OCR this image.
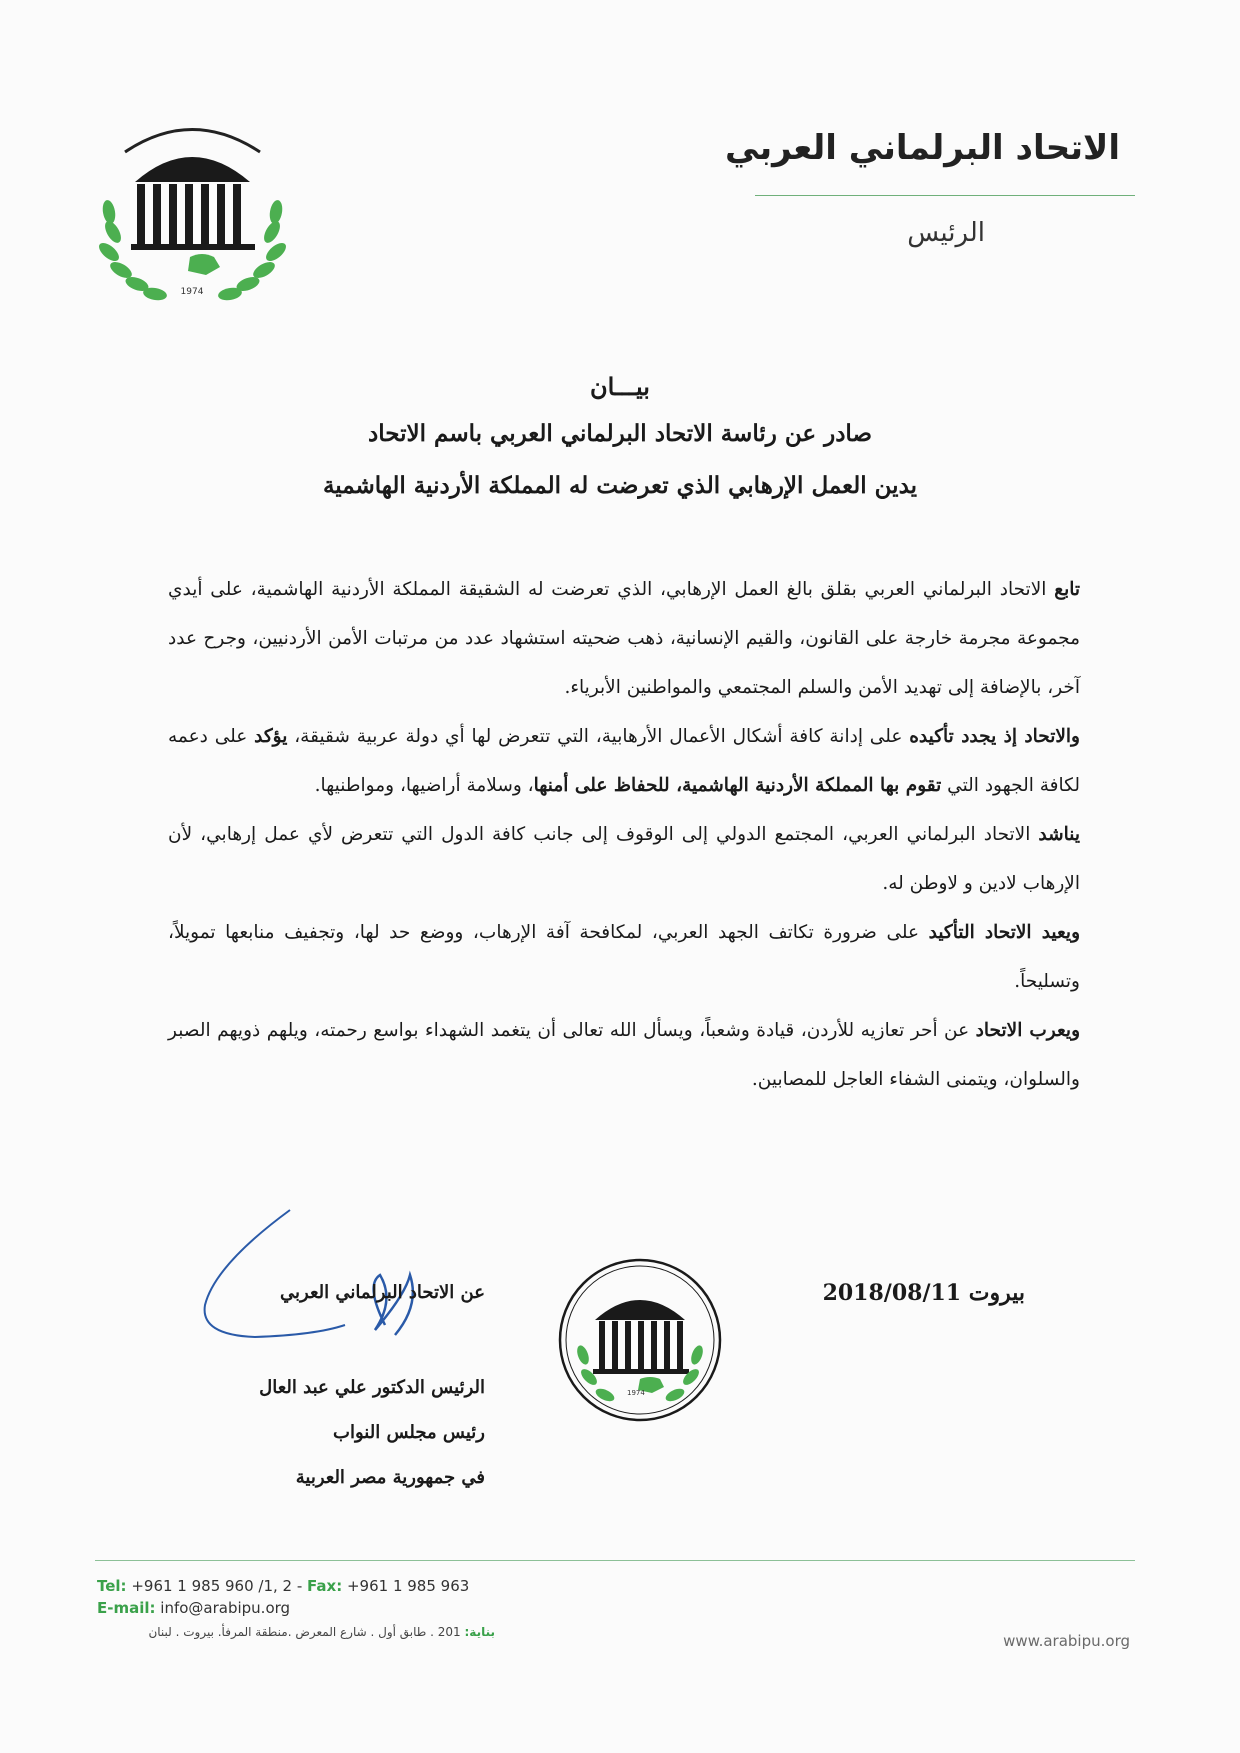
الاتحاد البرلماني العربي
الرئيس
1974
بيـــان
صادر عن رئاسة الاتحاد البرلماني العربي باسم الاتحاد
يدين العمل الإرهابي الذي تعرضت له المملكة الأردنية الهاشمية

تابع الاتحاد البرلماني العربي بقلق بالغ العمل الإرهابي، الذي تعرضت له الشقيقة المملكة الأردنية الهاشمية، على أيدي مجموعة مجرمة خارجة على القانون، والقيم الإنسانية، ذهب ضحيته استشهاد عدد من مرتبات الأمن الأردنيين، وجرح عدد آخر، بالإضافة إلى تهديد الأمن والسلم المجتمعي والمواطنين الأبرياء.

والاتحاد إذ يجدد تأكيده على إدانة كافة أشكال الأعمال الأرهابية، التي تتعرض لها أي دولة عربية شقيقة، يؤكد على دعمه لكافة الجهود التي تقوم بها المملكة الأردنية الهاشمية، للحفاظ على أمنها، وسلامة أراضيها، ومواطنيها.

يناشد الاتحاد البرلماني العربي، المجتمع الدولي إلى الوقوف إلى جانب كافة الدول التي تتعرض لأي عمل إرهابي، لأن الإرهاب لادين و لاوطن له.

ويعيد الاتحاد التأكيد على ضرورة تكاتف الجهد العربي، لمكافحة آفة الإرهاب، ووضع حد لها، وتجفيف منابعها تمويلاً، وتسليحاً.

ويعرب الاتحاد عن أحر تعازيه للأردن، قيادة وشعباً، ويسأل الله تعالى أن يتغمد الشهداء بواسع رحمته، ويلهم ذويهم الصبر والسلوان، ويتمنى الشفاء العاجل للمصابين.

بيروت 2018/08/11
عن الاتحاد البرلماني العربي
الرئيس الدكتور علي عبد العال
رئيس مجلس النواب
في جمهورية مصر العربية
1974
Tel: +961 1 985 960 /1, 2 - Fax: +961 1 985 963
E-mail: info@arabipu.org
بناية: 201 . طابق أول . شارع المعرض .منطقة المرفأ. بيروت . لبنان	www.arabipu.org
